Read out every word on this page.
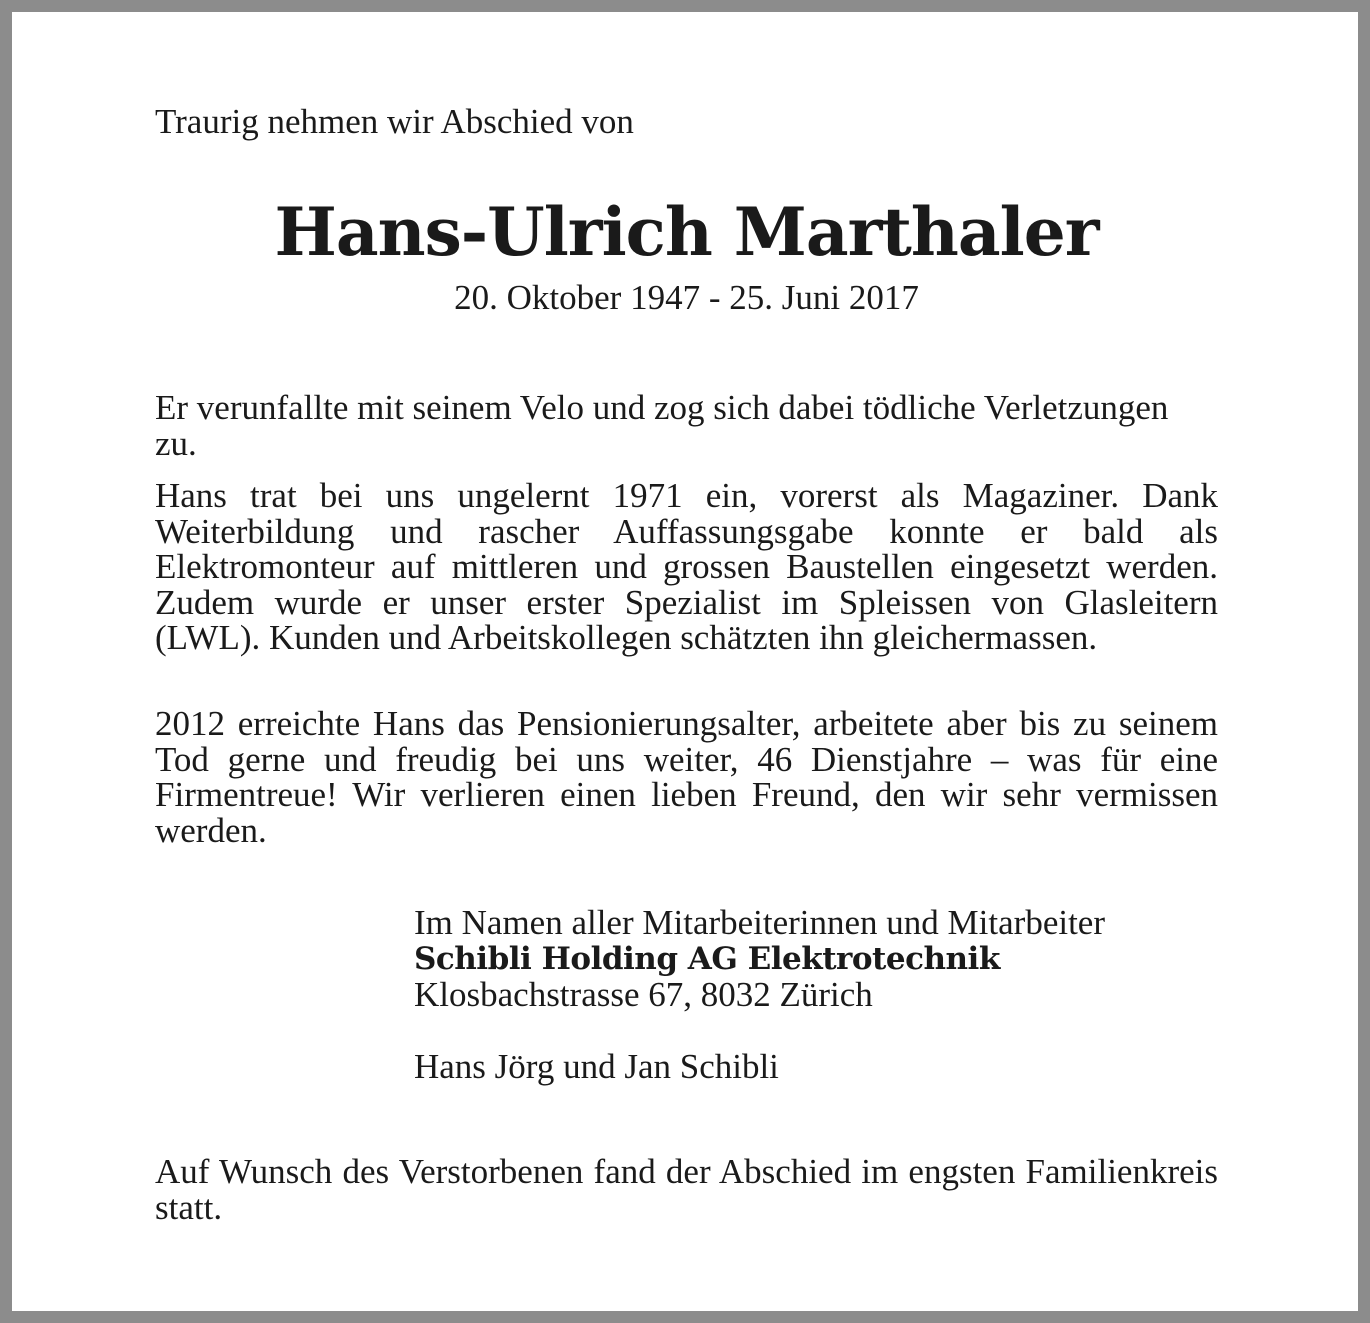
Traurig nehmen wir Abschied von
Hans-Ulrich Marthaler
20. Oktober 1947 - 25. Juni 2017

Er verunfallte mit seinem Velo und zog sich dabei tödliche Verletzungen zu.

Hans trat bei uns ungelernt 1971 ein, vorerst als Magaziner. Dank Weiterbildung und rascher Auffassungsgabe konnte er bald als Elektromonteur auf mittleren und grossen Baustellen eingesetzt werden. Zudem wurde er unser erster Spezialist im Spleissen von Glasleitern (LWL). Kunden und Arbeitskollegen schätzten ihn gleichermassen.

2012 erreichte Hans das Pensionierungsalter, arbeitete aber bis zu seinem Tod gerne und freudig bei uns weiter, 46 Dienstjahre – was für eine Firmentreue! Wir verlieren einen lieben Freund, den wir sehr vermissen werden.

Im Namen aller Mitarbeiterinnen und Mitarbeiter
Schibli Holding AG Elektrotechnik
Klosbachstrasse 67, 8032 Zürich
Hans Jörg und Jan Schibli

Auf Wunsch des Verstorbenen fand der Abschied im engsten Familienkreis statt.
